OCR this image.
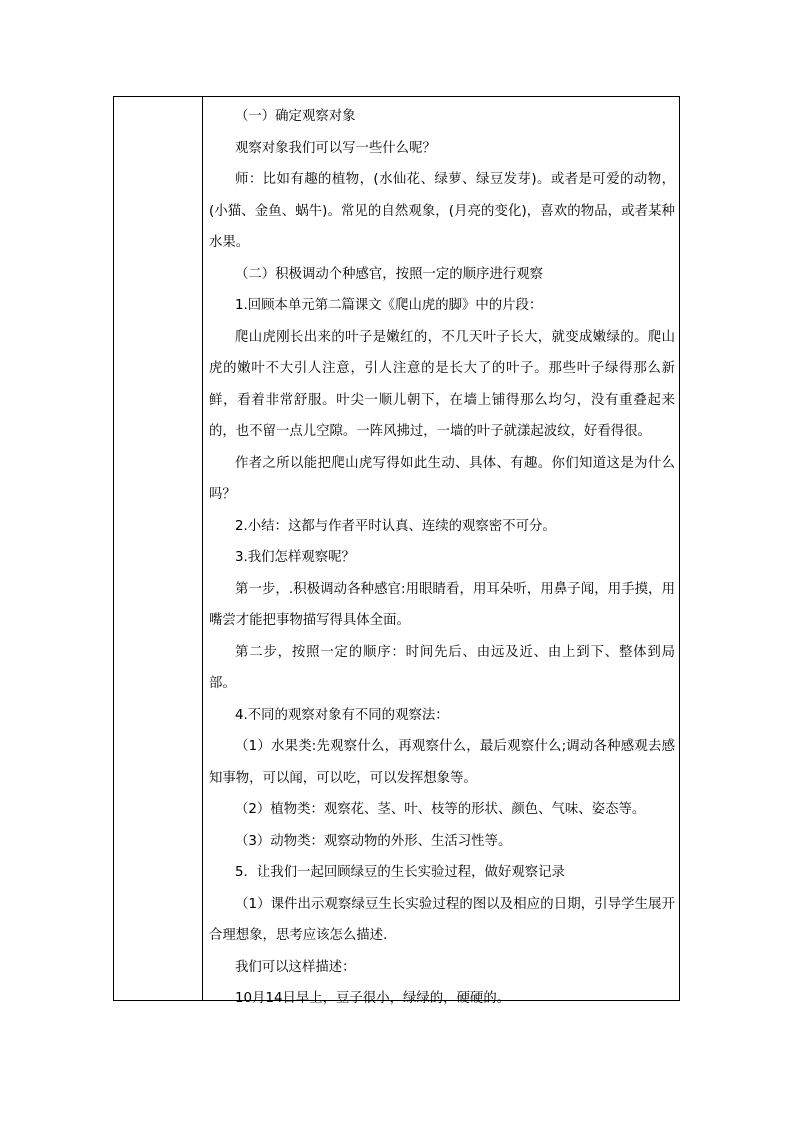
（一）确定观察对象

观察对象我们可以写一些什么呢？

师：比如有趣的植物，(水仙花、绿萝、绿豆发芽)。或者是可爱的动物，(小猫、金鱼、蜗牛)。常见的自然观象，(月亮的变化)，喜欢的物品，或者某种水果。

（二）积极调动个种感官，按照一定的顺序进行观察

1.回顾本单元第二篇课文《爬山虎的脚》中的片段：

爬山虎刚长出来的叶子是嫩红的，不几天叶子长大，就变成嫩绿的。爬山虎的嫩叶不大引人注意，引人注意的是长大了的叶子。那些叶子绿得那么新鲜，看着非常舒服。叶尖一顺儿朝下，在墙上铺得那么均匀，没有重叠起来的，也不留一点儿空隙。一阵风拂过，一墙的叶子就漾起波纹，好看得很。

作者之所以能把爬山虎写得如此生动、具体、有趣。你们知道这是为什么吗？

2.小结：这都与作者平时认真、连续的观察密不可分。

3.我们怎样观察呢？

第一步，.积极调动各种感官:用眼睛看，用耳朵听，用鼻子闻，用手摸，用嘴尝才能把事物描写得具体全面。

第二步，按照一定的顺序：时间先后、由远及近、由上到下、整体到局部。

4.不同的观察对象有不同的观察法：

（1）水果类:先观察什么，再观察什么，最后观察什么;调动各种感观去感知事物，可以闻，可以吃，可以发挥想象等。

（2）植物类：观察花、茎、叶、枝等的形状、颜色、气味、姿态等。

（3）动物类：观察动物的外形、生活习性等。

5．让我们一起回顾绿豆的生长实验过程，做好观察记录

（1）课件出示观察绿豆生长实验过程的图以及相应的日期，引导学生展开合理想象，思考应该怎么描述.

我们可以这样描述：

10月14日早上，豆子很小，绿绿的，硬硬的。
